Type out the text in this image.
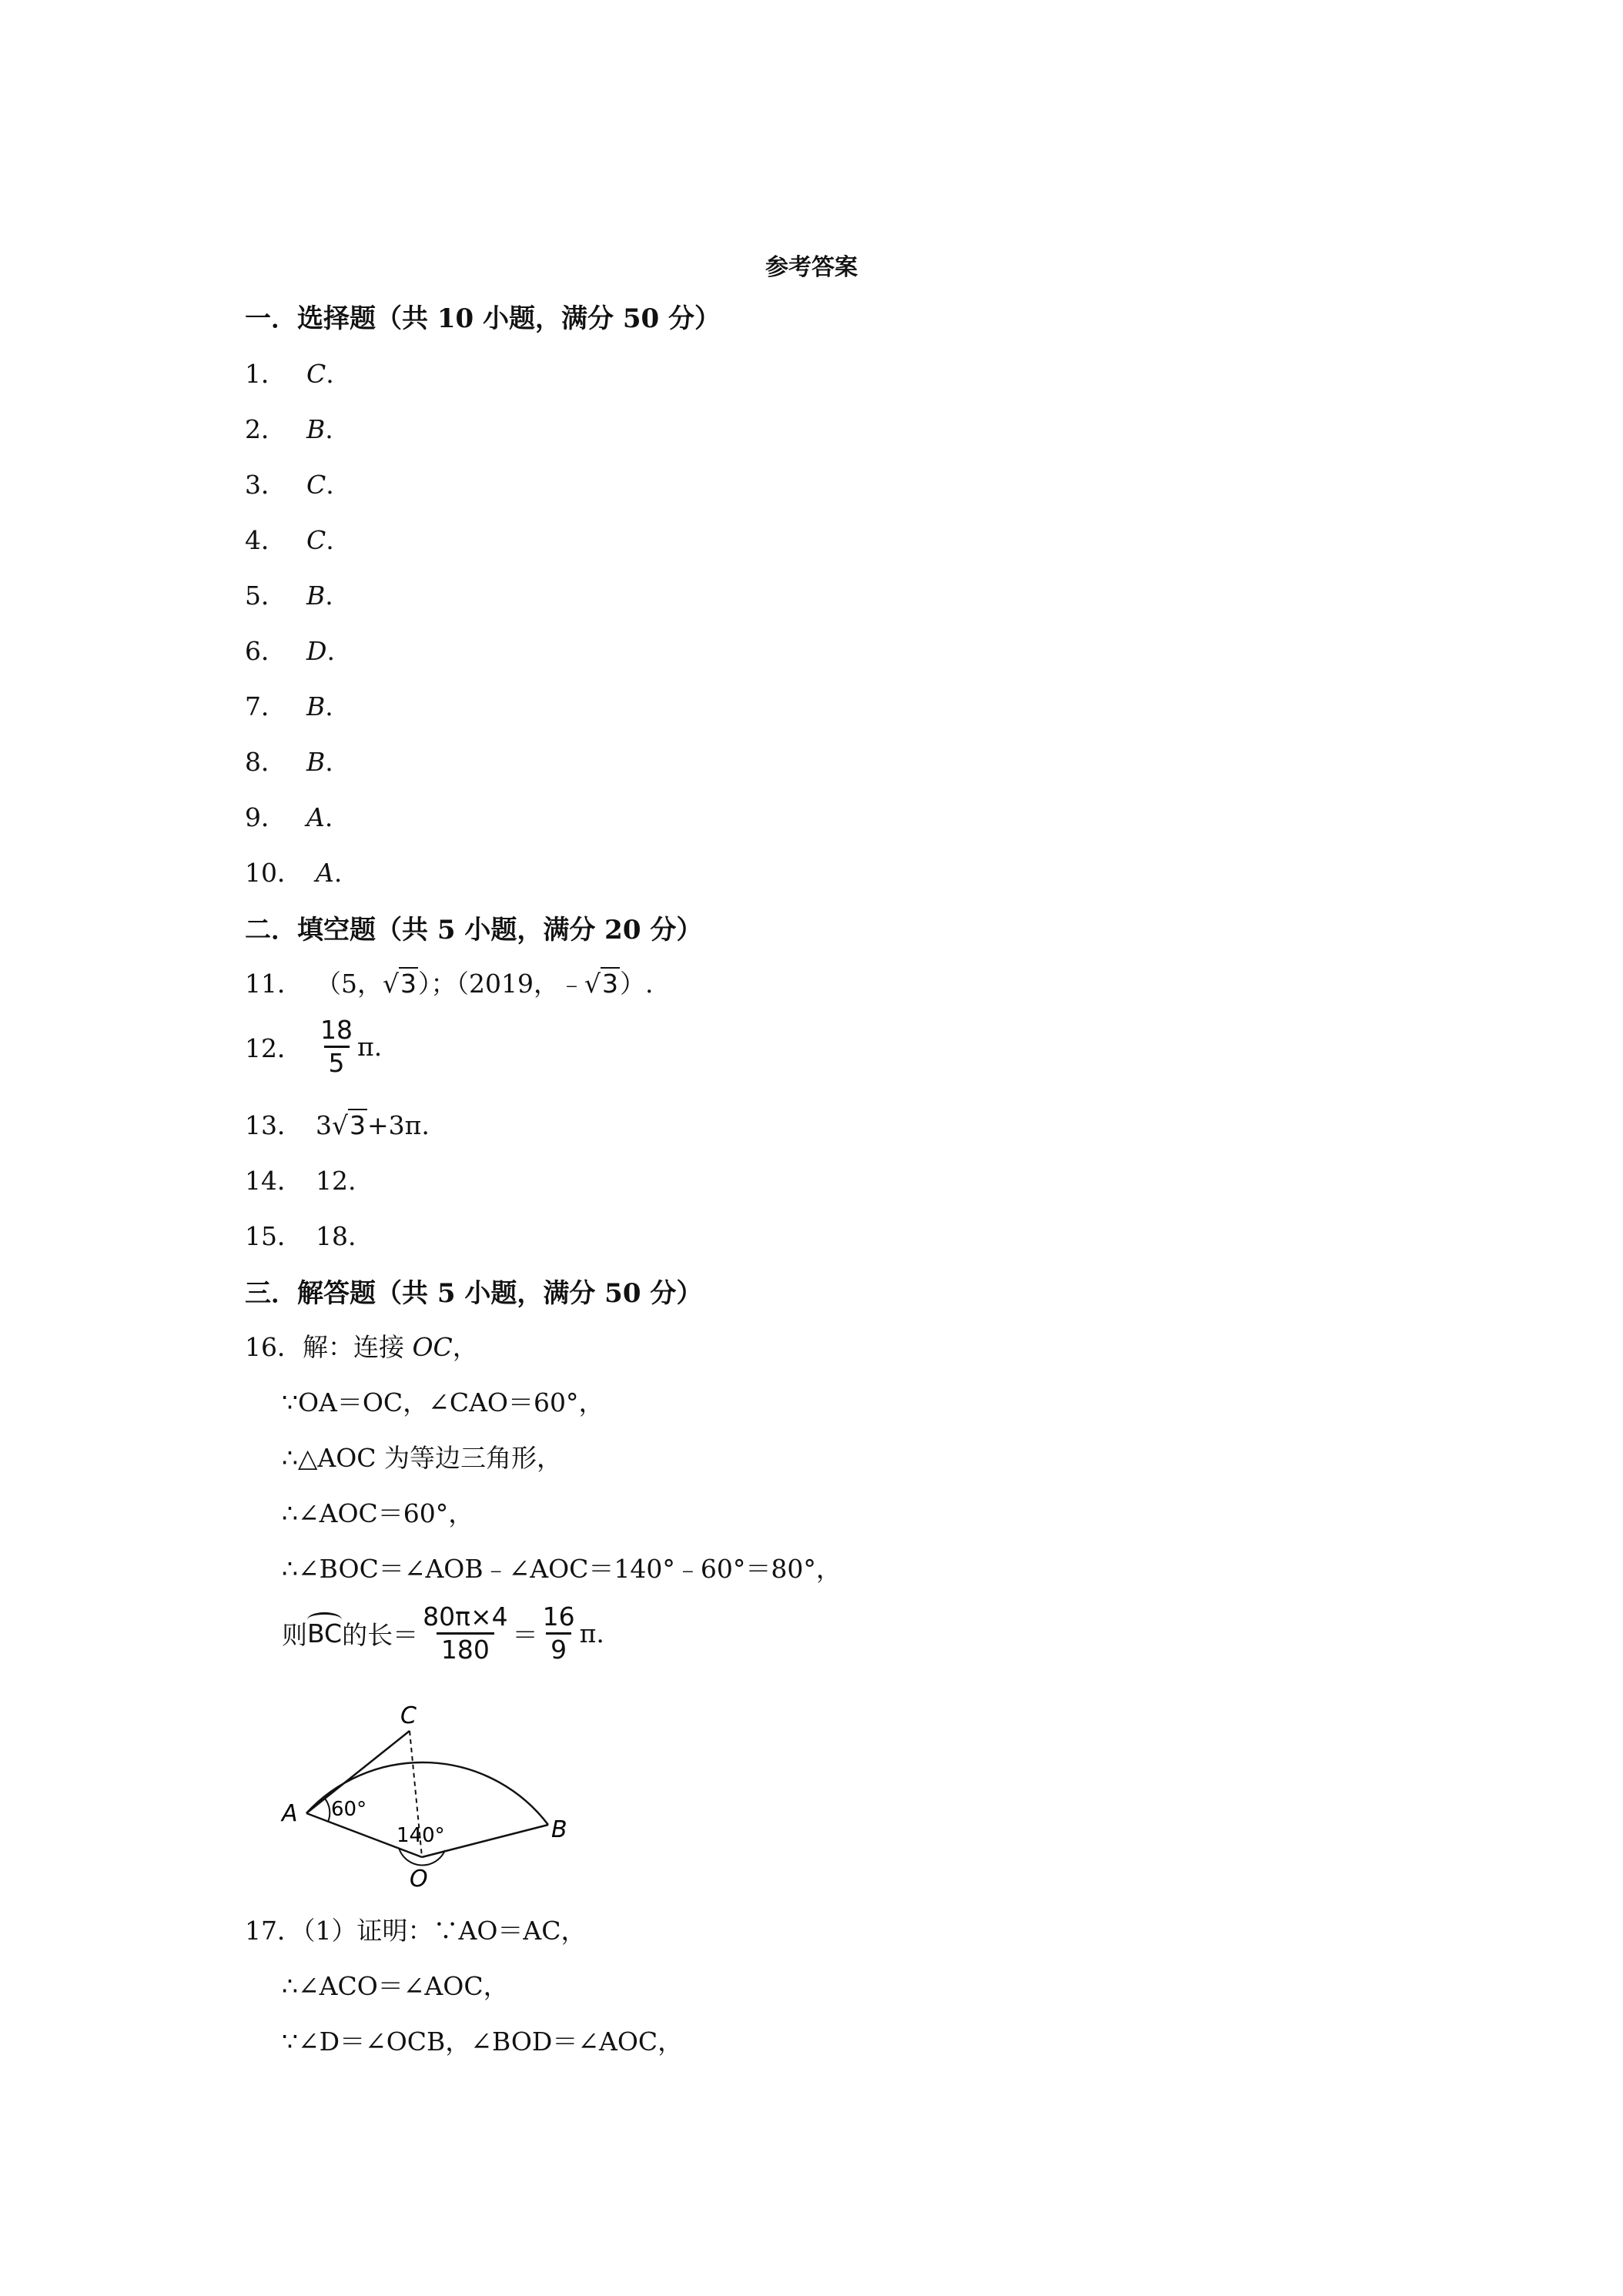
参考答案
一．选择题（共 10 小题，满分 50 分）
1． C.
2． B.
3． C.
4． C.
5． B.
6． D.
7． B.
8． B.
9． A.
10． A.
二．填空题（共 5 小题，满分 20 分）
11． （5，√3）；（2019，﹣√3）.
12． $\frac{18}{5} \pi$.
13． 3√3+3π.
14． 12.
15． 18.
三．解答题（共 5 小题，满分 50 分）
16．解：连接 OC，
∵OA＝OC，∠CAO＝60°，
∴△AOC 为等边三角形，
∴∠AOC＝60°，
∴∠BOC＝∠AOB﹣∠AOC＝140°﹣60°＝80°，
则BC的长＝ $\frac{80\pi\times 4}{180} = \frac{16}{9} \pi$.
C
A
B
O
60°
140°
17．（1）证明：∵AO＝AC，
∴∠ACO＝∠AOC，
∵∠D＝∠OCB，∠BOD＝∠AOC，
